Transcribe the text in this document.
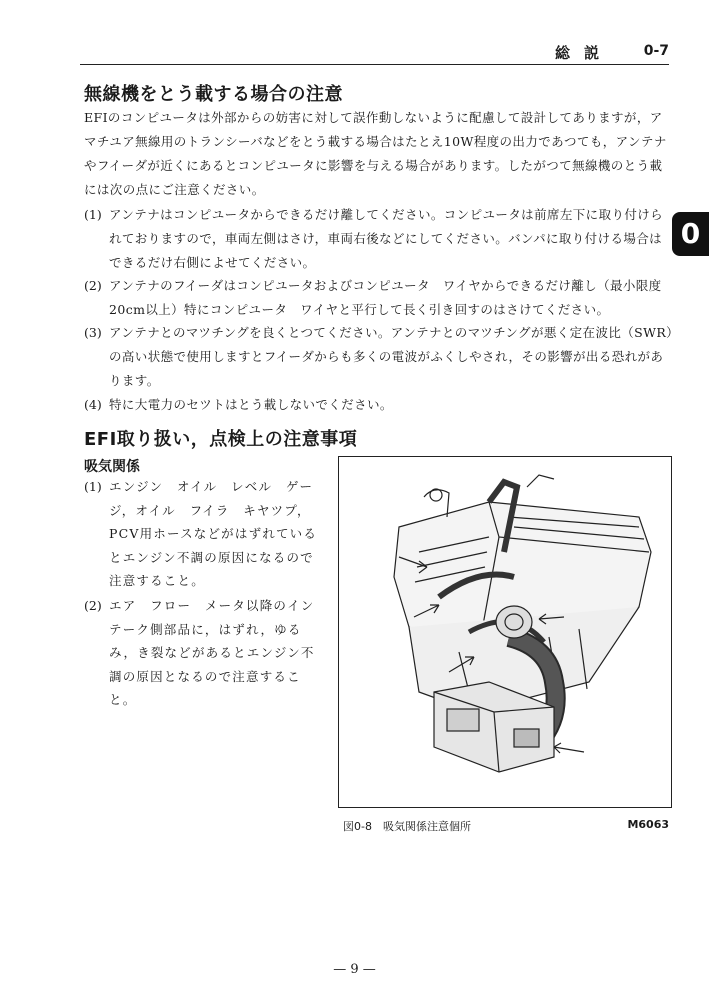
総説 0-7
0
無線機をとう載する場合の注意

EFIのコンピユータは外部からの妨害に対して誤作動しないように配慮して設計してありますが，アマチユア無線用のトランシーバなどをとう載する場合はたとえ10W程度の出力であつても，アンテナやフイーダが近くにあるとコンピユータに影響を与える場合があります。したがつて無線機のとう載には次の点にご注意ください。

(1) アンテナはコンピユータからできるだけ離してください。コンピユータは前席左下に取り付けられておりますので，車両左側はさけ，車両右後などにしてください。バンパに取り付ける場合はできるだけ右側によせてください。

(2) アンテナのフイーダはコンピユータおよびコンピユータ　ワイヤからできるだけ離し（最小限度20cm以上）特にコンピユータ　ワイヤと平行して長く引き回すのはさけてください。

(3) アンテナとのマツチングを良くとつてください。アンテナとのマツチングが悪く定在波比（SWR）の高い状態で使用しますとフイーダからも多くの電波がふくしやされ，その影響が出る恐れがあります。

(4) 特に大電力のセツトはとう載しないでください。

EFI取り扱い，点検上の注意事項
吸気関係
(1) エンジン　オイル　レベル　ゲージ，オイル　フイラ　キヤツプ，PCV用ホースなどがはずれているとエンジン不調の原因になるので注意すること。

(2) エア　フロー　メータ以降のインテーク側部品に，はずれ，ゆるみ，き裂などがあるとエンジン不調の原因となるので注意すること。

図0-8　吸気関係注意個所	M6063
— 9 —
